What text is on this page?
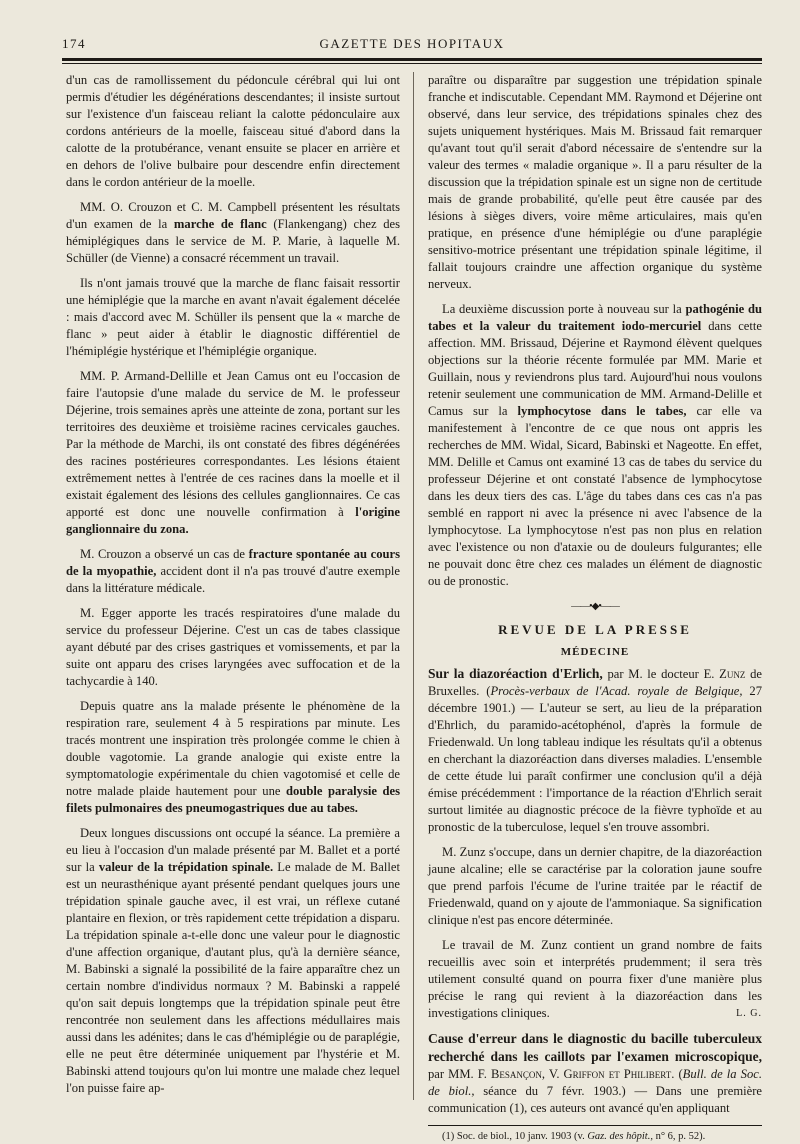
174	GAZETTE DES HOPITAUX

d'un cas de ramollissement du pédoncule cérébral qui lui ont permis d'étudier les dégénérations descendantes; il insiste surtout sur l'existence d'un faisceau reliant la calotte pédonculaire aux cordons antérieurs de la moelle, faisceau situé d'abord dans la calotte de la protubérance, venant ensuite se placer en arrière et en dehors de l'olive bulbaire pour descendre enfin directement dans le cordon antérieur de la moelle.

MM. O. Crouzon et C. M. Campbell présentent les résultats d'un examen de la marche de flanc (Flankengang) chez des hémiplégiques dans le service de M. P. Marie, à laquelle M. Schüller (de Vienne) a consacré récemment un travail.

Ils n'ont jamais trouvé que la marche de flanc faisait ressortir une hémiplégie que la marche en avant n'avait également décelée : mais d'accord avec M. Schüller ils pensent que la « marche de flanc » peut aider à établir le diagnostic différentiel de l'hémiplégie hystérique et l'hémiplégie organique.

MM. P. Armand-Dellille et Jean Camus ont eu l'occasion de faire l'autopsie d'une malade du service de M. le professeur Déjerine, trois semaines après une atteinte de zona, portant sur les territoires des deuxième et troisième racines cervicales gauches. Par la méthode de Marchi, ils ont constaté des fibres dégénérées des racines postérieures correspondantes. Les lésions étaient extrêmement nettes à l'entrée de ces racines dans la moelle et il existait également des lésions des cellules ganglionnaires. Ce cas apporté est donc une nouvelle confirmation à l'origine ganglionnaire du zona.

M. Crouzon a observé un cas de fracture spontanée au cours de la myopathie, accident dont il n'a pas trouvé d'autre exemple dans la littérature médicale.

M. Egger apporte les tracés respiratoires d'une malade du service du professeur Déjerine. C'est un cas de tabes classique ayant débuté par des crises gastriques et vomissements, et par la suite ont apparu des crises laryngées avec suffocation et de la tachycardie à 140.

Depuis quatre ans la malade présente le phénomène de la respiration rare, seulement 4 à 5 respirations par minute. Les tracés montrent une inspiration très prolongée comme le chien à double vagotomie. La grande analogie qui existe entre la symptomatologie expérimentale du chien vagotomisé et celle de notre malade plaide hautement pour une double paralysie des filets pulmonaires des pneumogastriques due au tabes.

Deux longues discussions ont occupé la séance. La première a eu lieu à l'occasion d'un malade présenté par M. Ballet et a porté sur la valeur de la trépidation spinale. Le malade de M. Ballet est un neurasthénique ayant présenté pendant quelques jours une trépidation spinale gauche avec, il est vrai, un réflexe cutané plantaire en flexion, or très rapidement cette trépidation a disparu. La trépidation spinale a-t-elle donc une valeur pour le diagnostic d'une affection organique, d'autant plus, qu'à la dernière séance, M. Babinski a signalé la possibilité de la faire apparaître chez un certain nombre d'individus normaux ? M. Babinski a rappelé qu'on sait depuis longtemps que la trépidation spinale peut être rencontrée non seulement dans les affections médullaires mais aussi dans les adénites; dans le cas d'hémiplégie ou de paraplégie, elle ne peut être déterminée uniquement par l'hystérie et M. Babinski attend toujours qu'on lui montre une malade chez lequel l'on puisse faire ap-

paraître ou disparaître par suggestion une trépidation spinale franche et indiscutable. Cependant MM. Raymond et Déjerine ont observé, dans leur service, des trépidations spinales chez des sujets uniquement hystériques. Mais M. Brissaud fait remarquer qu'avant tout qu'il serait d'abord nécessaire de s'entendre sur la valeur des termes « maladie organique ». Il a paru résulter de la discussion que la trépidation spinale est un signe non de certitude mais de grande probabilité, qu'elle peut être causée par des lésions à sièges divers, voire même articulaires, mais qu'en pratique, en présence d'une hémiplégie ou d'une paraplégie sensitivo-motrice présentant une trépidation spinale légitime, il fallait toujours craindre une affection organique du système nerveux.

La deuxième discussion porte à nouveau sur la pathogénie du tabes et la valeur du traitement iodo-mercuriel dans cette affection. MM. Brissaud, Déjerine et Raymond élèvent quelques objections sur la théorie récente formulée par MM. Marie et Guillain, nous y reviendrons plus tard. Aujourd'hui nous voulons retenir seulement une communication de MM. Armand-Delille et Camus sur la lymphocytose dans le tabes, car elle va manifestement à l'encontre de ce que nous ont appris les recherches de MM. Widal, Sicard, Babinski et Nageotte. En effet, MM. Delille et Camus ont examiné 13 cas de tabes du service du professeur Déjerine et ont constaté l'absence de lymphocytose dans les deux tiers des cas. L'âge du tabes dans ces cas n'a pas semblé en rapport ni avec la présence ni avec l'absence de la lymphocytose. La lymphocytose n'est pas non plus en relation avec l'existence ou non d'ataxie ou de douleurs fulgurantes; elle ne pouvait donc être chez ces malades un élément de diagnostic ou de pronostic.

——•◆•——
REVUE DE LA PRESSE
MÉDECINE

Sur la diazoréaction d'Erlich, par M. le docteur E. Zunz de Bruxelles. (Procès-verbaux de l'Acad. royale de Belgique, 27 décembre 1901.) — L'auteur se sert, au lieu de la préparation d'Ehrlich, du paramido-acétophénol, d'après la formule de Friedenwald. Un long tableau indique les résultats qu'il a obtenus en cherchant la diazoréaction dans diverses maladies. L'ensemble de cette étude lui paraît confirmer une conclusion qu'il a déjà émise précédemment : l'importance de la réaction d'Ehrlich serait surtout limitée au diagnostic précoce de la fièvre typhoïde et au pronostic de la tuberculose, lequel s'en trouve assombri.

M. Zunz s'occupe, dans un dernier chapitre, de la diazoréaction jaune alcaline; elle se caractérise par la coloration jaune soufre que prend parfois l'écume de l'urine traitée par le réactif de Friedenwald, quand on y ajoute de l'ammoniaque. Sa signification clinique n'est pas encore déterminée.

Le travail de M. Zunz contient un grand nombre de faits recueillis avec soin et interprétés prudemment; il sera très utilement consulté quand on pourra fixer d'une manière plus précise le rang qui revient à la diazoréaction dans les investigations cliniques.	L. G.

Cause d'erreur dans le diagnostic du bacille tuberculeux recherché dans les caillots par l'examen microscopique, par MM. F. Besançon, V. Griffon et Philibert. (Bull. de la Soc. de biol., séance du 7 févr. 1903.) — Dans une première communication (1), ces auteurs ont avancé qu'en appliquant

(1) Soc. de biol., 10 janv. 1903 (v. Gaz. des hôpit., n° 6, p. 52).
